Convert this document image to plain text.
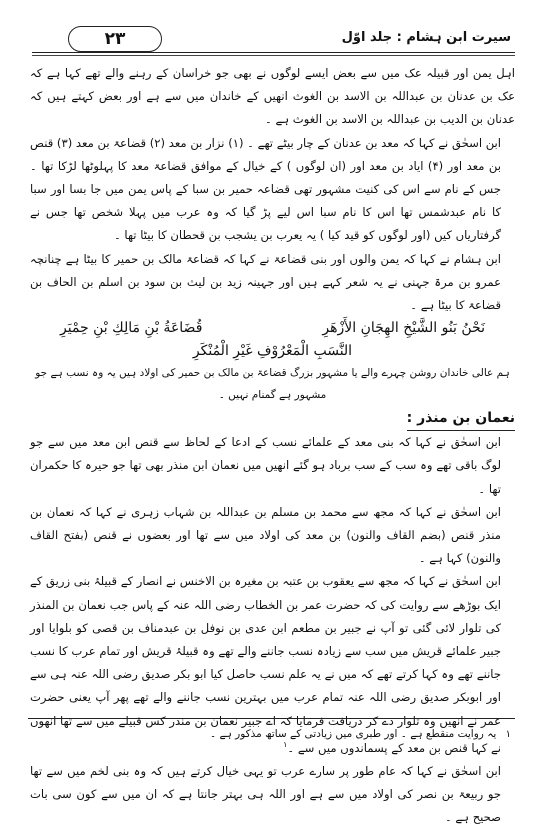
۲۳	سیرت ابن ہشام : جلد اوّل

اہل یمن اور قبیلہ عک میں سے بعض ایسے لوگوں نے بھی جو خراسان کے رہنے والے تھے کہا ہے کہ عک بن عدنان بن عبداللہ بن الاسد بن الغوث انھیں کے خاندان میں سے ہے اور بعض کہتے ہیں کہ عدنان بن الدیب بن عبداللہ بن الاسد بن الغوث ہے ۔

ابن اسحٰق نے کہا کہ معد بن عدنان کے چار بیٹے تھے ۔ (۱) نزار بن معد (۲) قضاعۃ بن معد (۳) قنص بن معد اور (۴) ایاد بن معد اور (ان لوگوں ) کے خیال کے موافق قضاعۃ معد کا پہلوٹھا لڑکا تھا ۔ جس کے نام سے اس کی کنیت مشہور تھی قضاعہ حمیر بن سبا کے پاس یمن میں جا بسا اور سبا کا نام عبدشمس تھا اس کا نام سبا اس لیے پڑ گیا کہ وہ عرب میں پہلا شخص تھا جس نے گرفتاریاں کیں (اور لوگوں کو قید کیا ) یہ یعرب بن یشجب بن قحطان کا بیٹا تھا ۔

ابن ہشام نے کہا کہ یمن والوں اور بنی قضاعۃ نے کہا کہ قضاعۃ مالک بن حمیر کا بیٹا ہے چنانچہ عمرو بن مرۃ جہنی نے یہ شعر کہے ہیں اور جہینہ زید بن لیث بن سود بن اسلم بن الحاف بن قضاعۃ کا بیٹا ہے ۔

نَحْنُ بَنُو الشَّيْخِ الهِجَانِ الأَزْهَرِ
قُضَاعَةُ بْنِ مَالِكِ بْنِ حِمْيَرِ
النَّسَبِ الْمَعْرُوْفِ غَيْرِ الْمُنْكَرِ
ہم عالی خاندان روشن چہرے والے یا مشہور بزرگ قضاعۃ بن مالک بن حمیر کی اولاد ہیں یہ وہ نسب ہے جو مشہور ہے گمنام نہیں ۔
نعمان بن منذر :

ابن اسحٰق نے کہا کہ بنی معد کے علمائے نسب کے ادعا کے لحاظ سے قنص ابن معد میں سے جو لوگ باقی تھے وہ سب کے سب برباد ہو گئے انھیں میں نعمان ابن منذر بھی تھا جو حیرہ کا حکمران تھا ۔

ابن اسحٰق نے کہا کہ مجھ سے محمد بن مسلم بن عبداللہ بن شہاب زہری نے کہا کہ نعمان بن منذر قنص (بضم القاف والنون) بن معد کی اولاد میں سے تھا اور بعضوں نے قنص (بفتح القاف والنون) کہا ہے ۔

ابن اسحٰق نے کہا کہ مجھ سے یعقوب بن عتبہ بن مغیرہ بن الاخنس نے انصار کے قبیلۂ بنی زریق کے ایک بوڑھے سے روایت کی کہ حضرت عمر بن الخطاب رضی اللہ عنہ کے پاس جب نعمان بن المنذر کی تلوار لائی گئی تو آپ نے جبیر بن مطعم ابن عدی بن نوفل بن عبدمناف بن قصی کو بلوایا اور جبیر علمائے قریش میں سب سے زیادہ نسب جاننے والے تھے وہ قبیلۂ قریش اور تمام عرب کا نسب جاننے تھے وہ کہا کرتے تھے کہ میں نے یہ علم نسب حاصل کیا ابو بکر صدیق رضی اللہ عنہ ہی سے اور ابوبکر صدیق رضی اللہ عنہ تمام عرب میں بہترین نسب جاننے والے تھے پھر آپ یعنی حضرت عمر نے انھیں وہ تلوار دے کر دریافت فرمایا کہ اے جبیر نعمان بن منذر کس قبیلے میں سے تھا انھوں نے کہا قنص بن معد کے پسماندوں میں سے ۔$^۱$

ابن اسحٰق نے کہا کہ عام طور پر سارے عرب تو یہی خیال کرتے ہیں کہ وہ بنی لخم میں سے تھا جو ربیعۃ بن نصر کی اولاد میں سے ہے اور اللہ ہی بہتر جانتا ہے کہ ان میں سے کون سی بات صحیح ہے ۔

۱ یہ روایت منقطع ہے ۔ اور طبری میں زیادتی کے ساتھ مذکور ہے ۔
